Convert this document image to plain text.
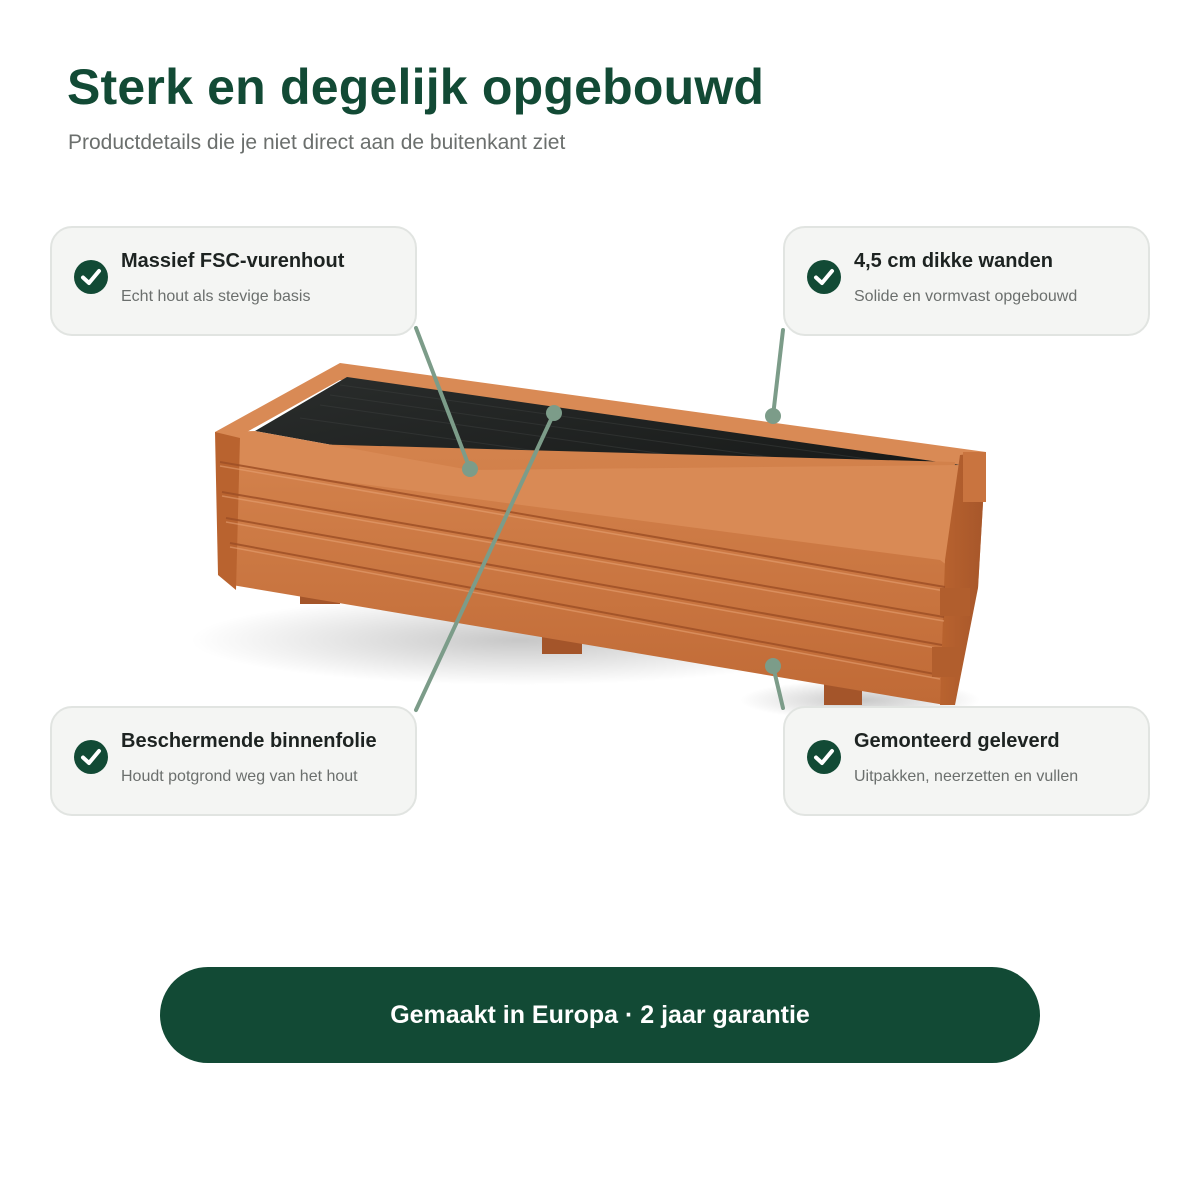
Sterk en degelijk opgebouwd

Productdetails die je niet direct aan de buitenkant ziet

Massief FSC-vurenhout
Echt hout als stevige basis
4,5 cm dikke wanden
Solide en vormvast opgebouwd
Beschermende binnenfolie
Houdt potgrond weg van het hout
Gemonteerd geleverd
Uitpakken, neerzetten en vullen
Gemaakt in Europa · 2 jaar garantie
